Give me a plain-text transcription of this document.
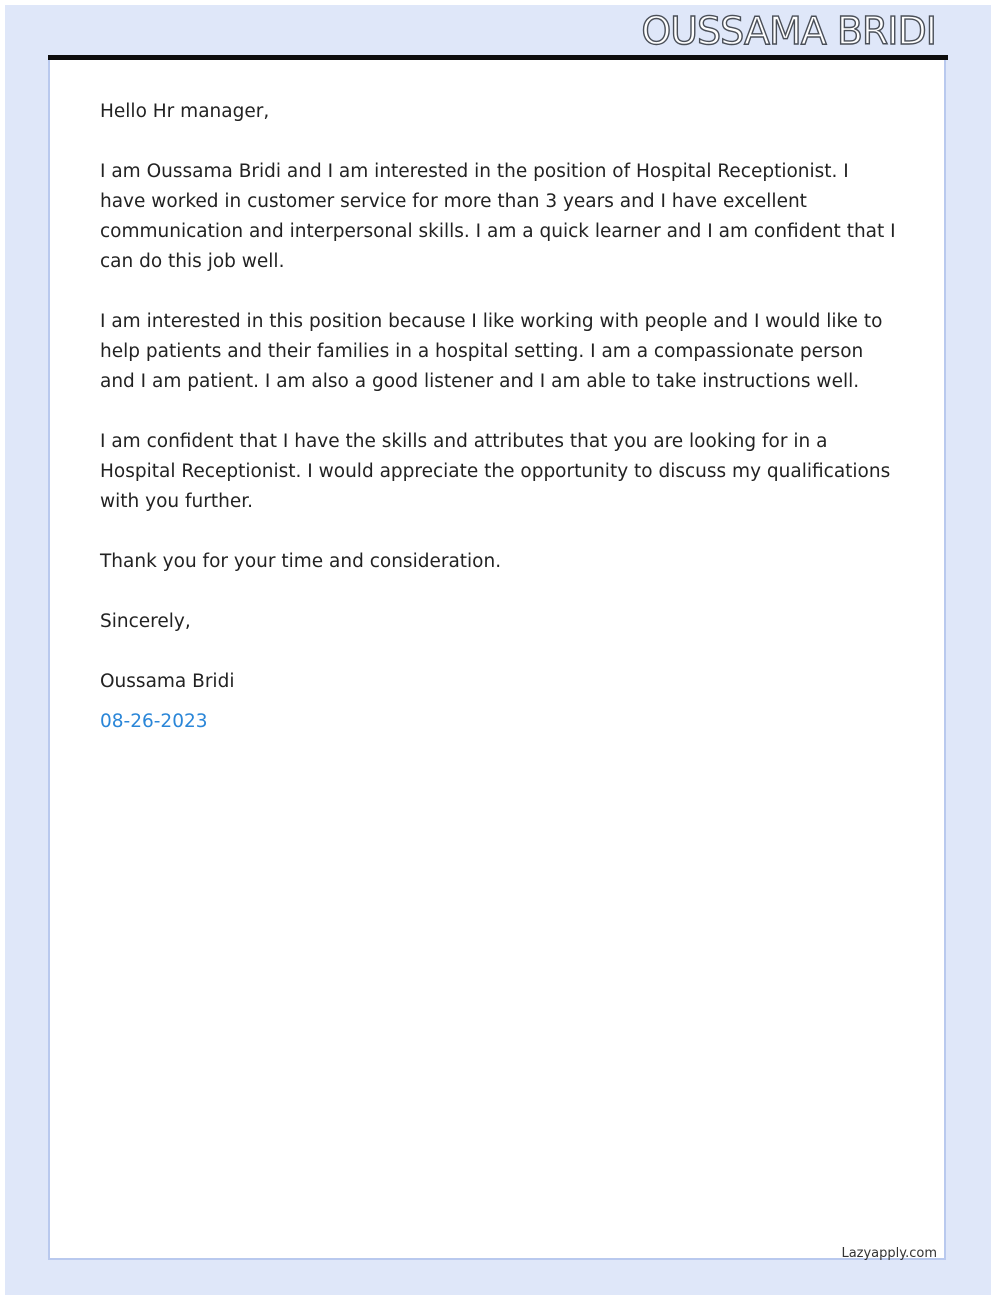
OUSSAMA BRIDI

Hello Hr manager,

I am Oussama Bridi and I am interested in the position of Hospital Receptionist. I have worked in customer service for more than 3 years and I have excellent communication and interpersonal skills. I am a quick learner and I am confident that I can do this job well.

I am interested in this position because I like working with people and I would like to help patients and their families in a hospital setting. I am a compassionate person and I am patient. I am also a good listener and I am able to take instructions well.

I am confident that I have the skills and attributes that you are looking for in a Hospital Receptionist. I would appreciate the opportunity to discuss my qualifications with you further.

Thank you for your time and consideration.

Sincerely,

Oussama Bridi

08-26-2023
Lazyapply.com
